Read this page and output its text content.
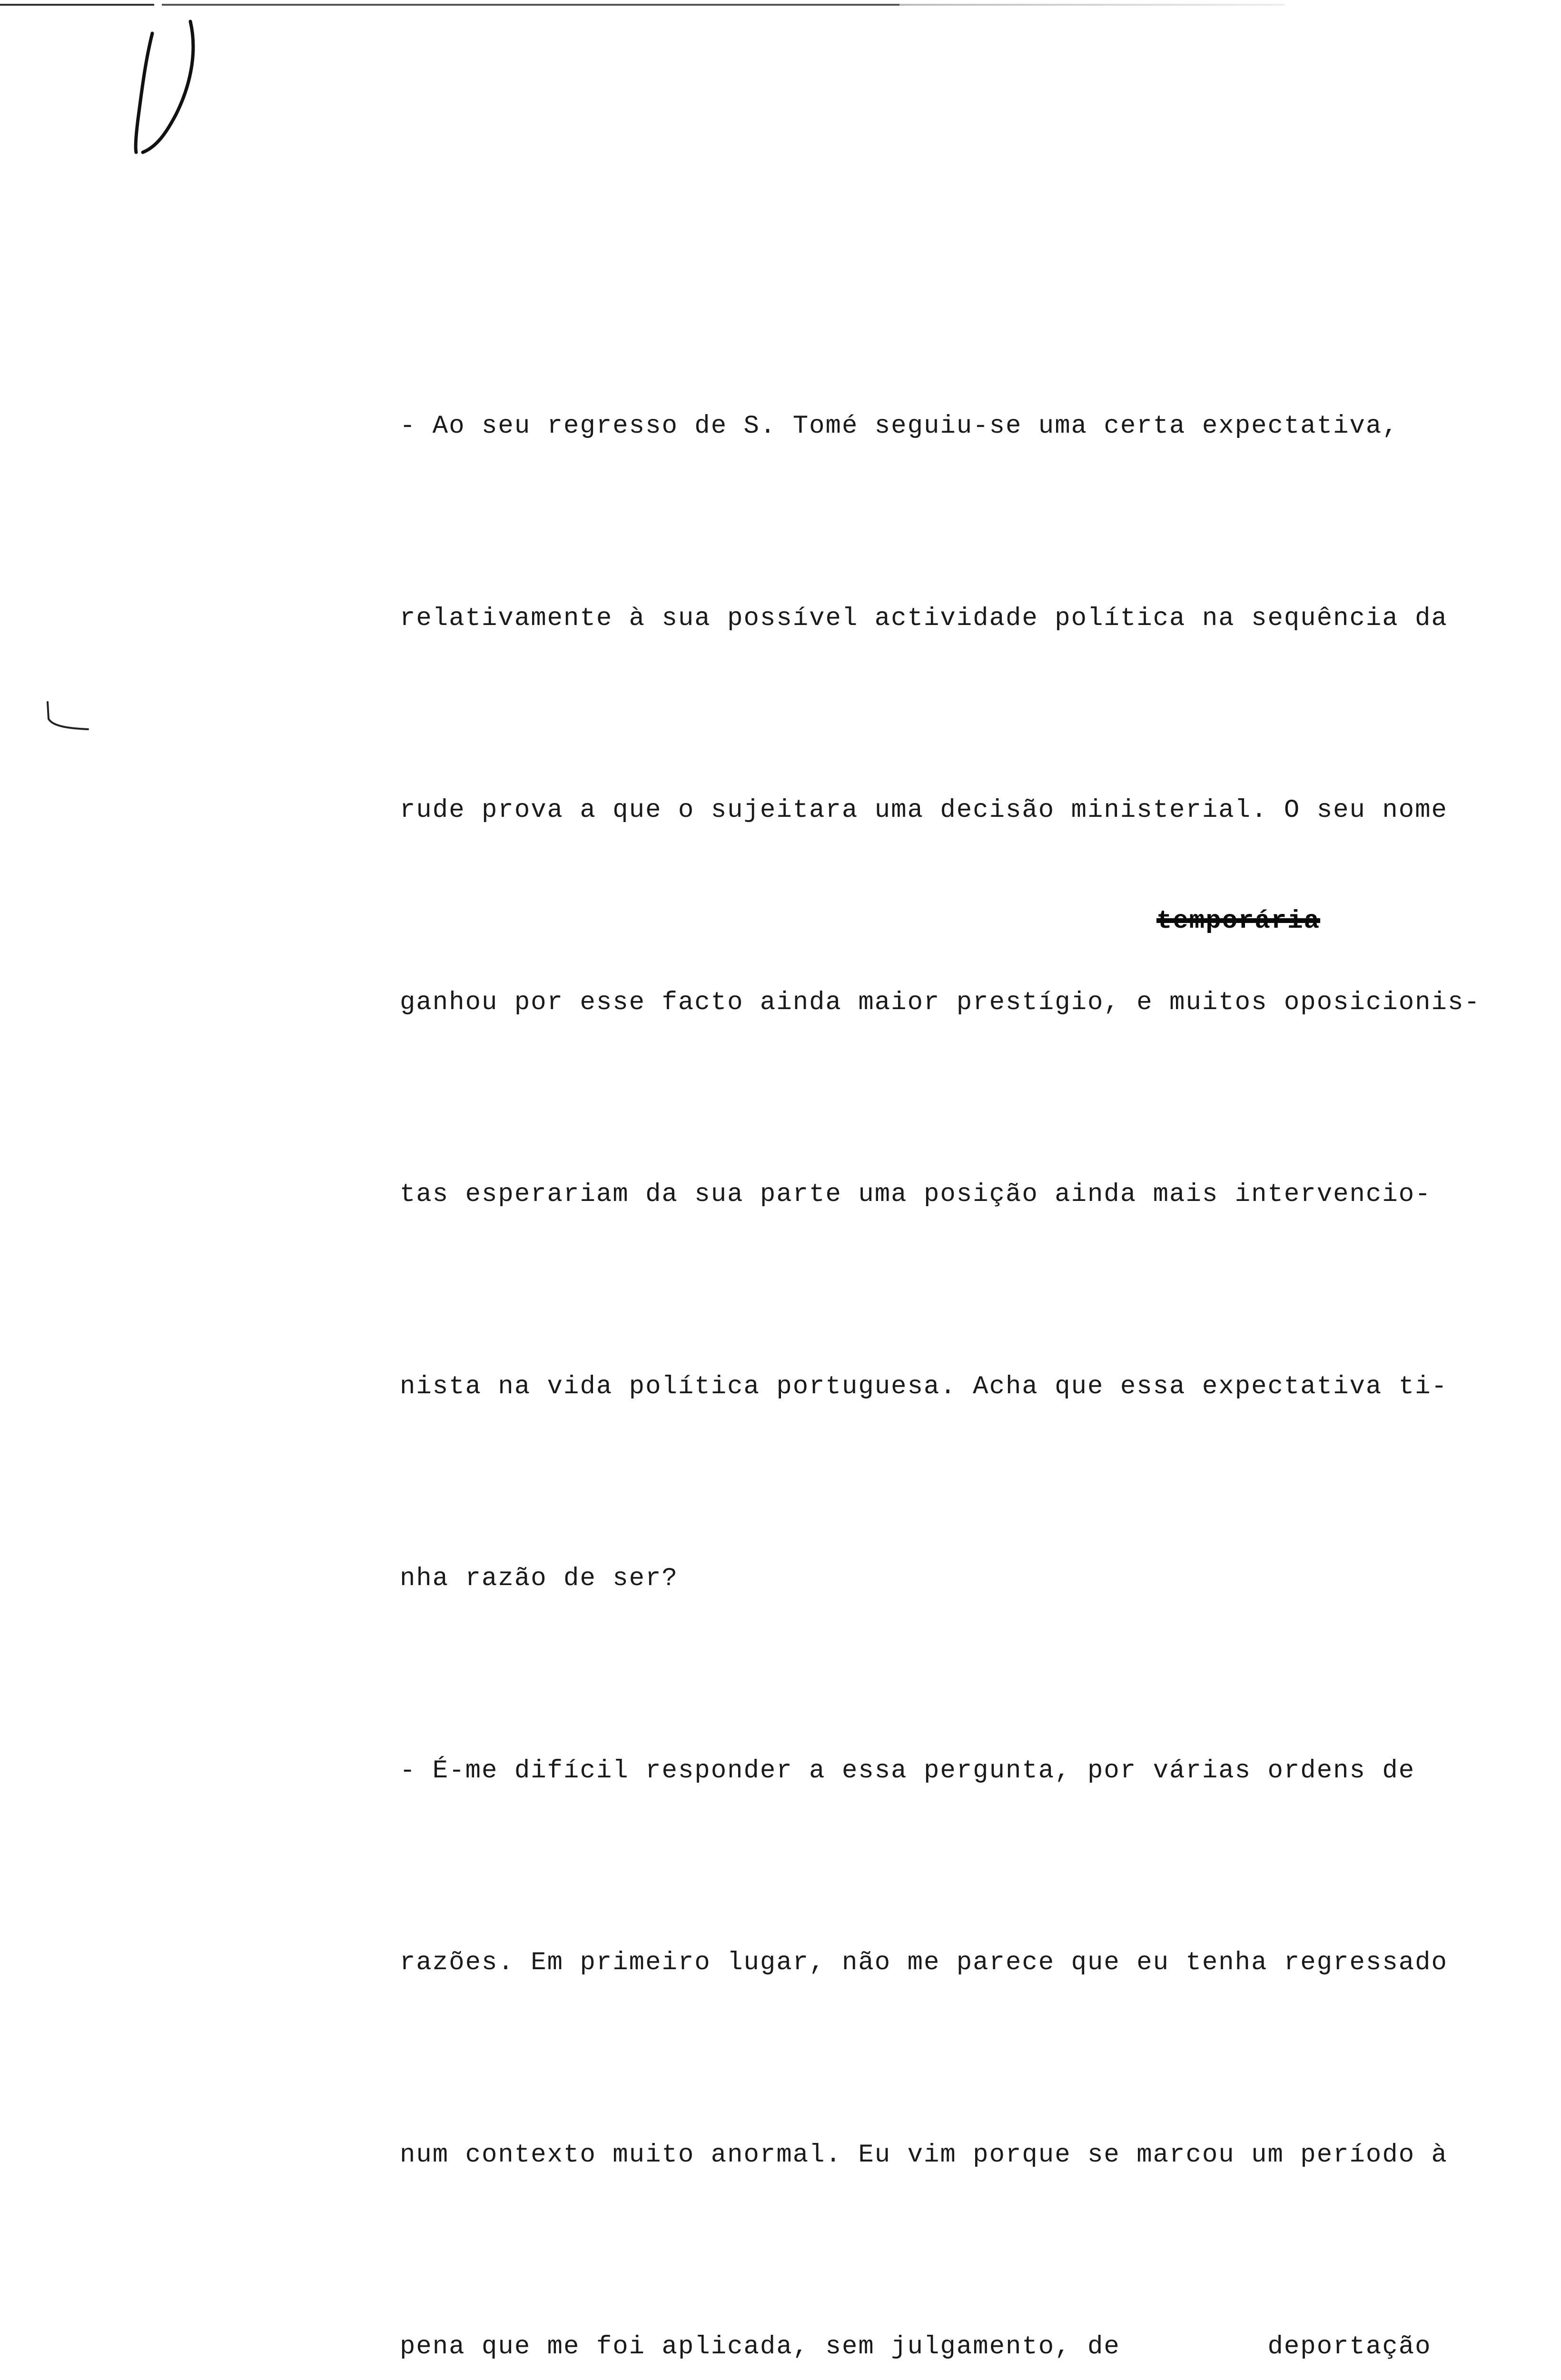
- Ao seu regresso de S. Tomé seguiu-se uma certa expectativa,

relativamente à sua possível actividade política na sequência da

rude prova a que o sujeitara uma decisão ministerial. O seu nome

ganhou por esse facto ainda maior prestígio, e muitos oposicionis-

tas esperariam da sua parte uma posição ainda mais intervencio-

nista na vida política portuguesa. Acha que essa expectativa ti-

nha razão de ser?

- É-me difícil responder a essa pergunta, por várias ordens de

razões. Em primeiro lugar, não me parece que eu tenha regressado

num contexto muito anormal. Eu vim porque se marcou um período à

pena que me foi aplicada, sem julgamento, de         deportação

temporária
